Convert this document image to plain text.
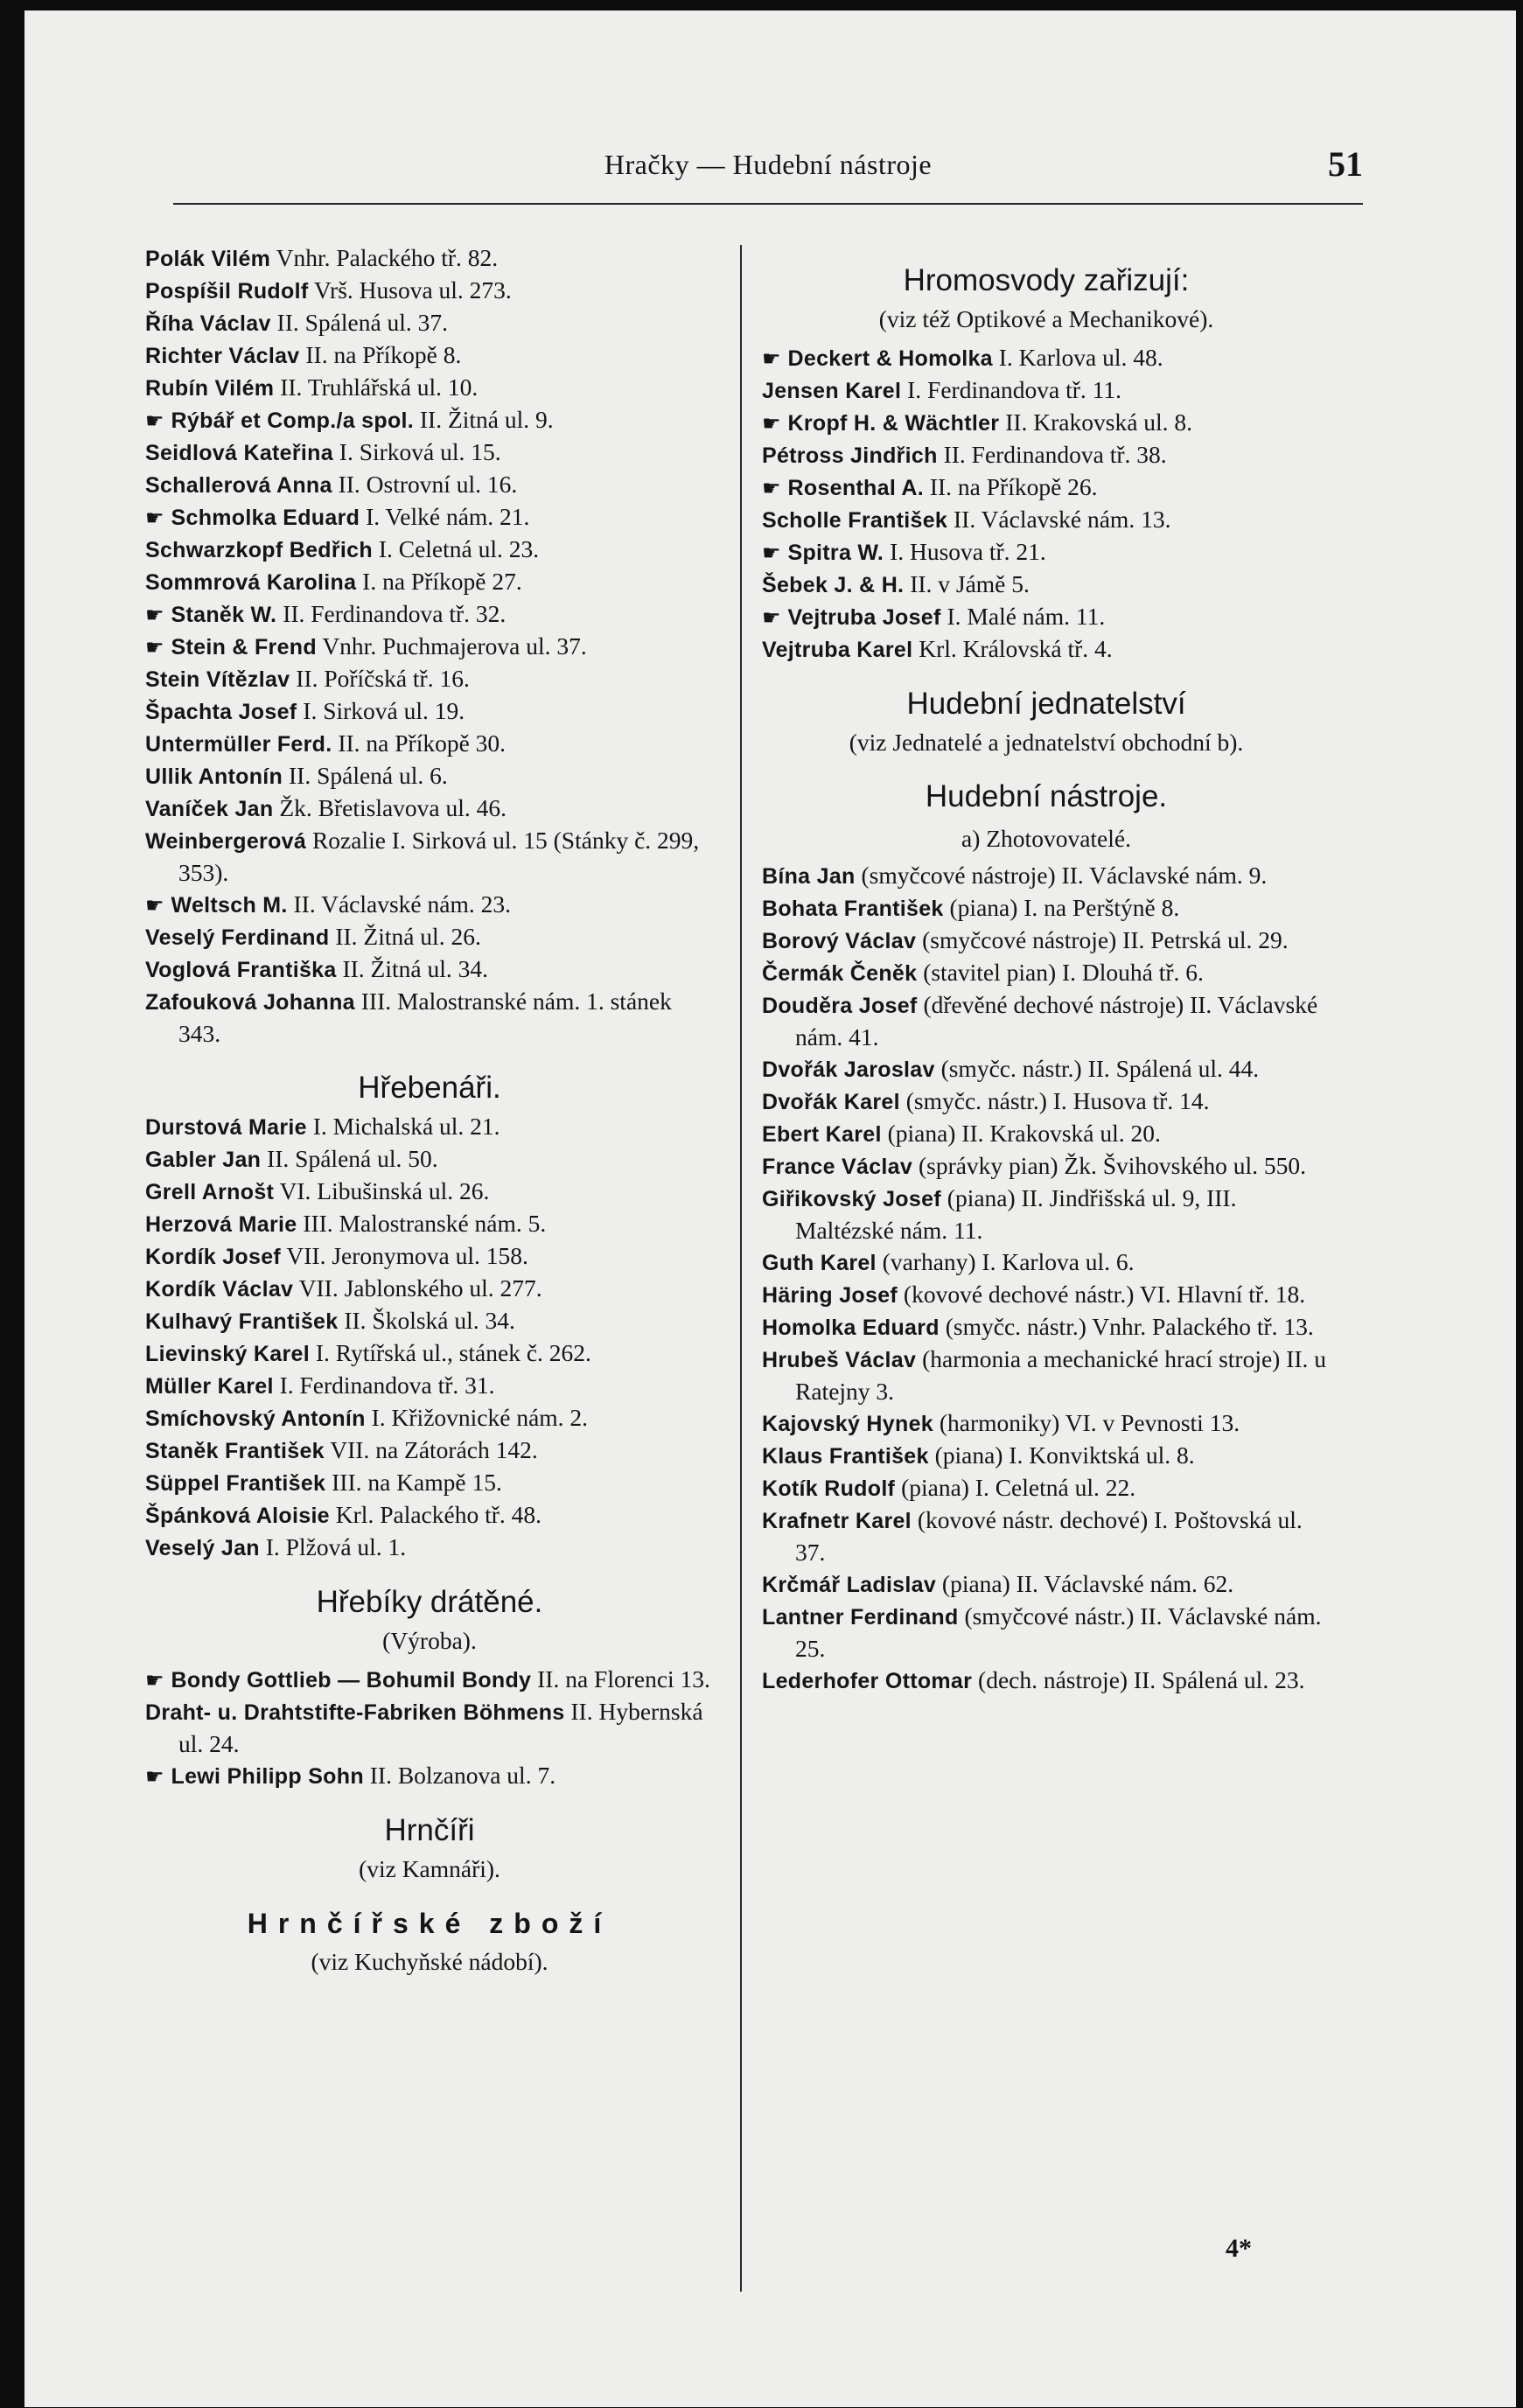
Hračky — Hudební nástroje	51

Polák Vilém Vnhr. Palackého tř. 82.

Pospíšil Rudolf Vrš. Husova ul. 273.

Říha Václav II. Spálená ul. 37.

Richter Václav II. na Příkopě 8.

Rubín Vilém II. Truhlářská ul. 10.

☛ Rýbář et Comp./a spol. II. Žitná ul. 9.

Seidlová Kateřina I. Sirková ul. 15.

Schallerová Anna II. Ostrovní ul. 16.

☛ Schmolka Eduard I. Velké nám. 21.

Schwarzkopf Bedřich I. Celetná ul. 23.

Sommrová Karolina I. na Příkopě 27.

☛ Staněk W. II. Ferdinandova tř. 32.

☛ Stein & Frend Vnhr. Puchmajerova ul. 37.

Stein Vítězlav II. Poříčská tř. 16.

Špachta Josef I. Sirková ul. 19.

Untermüller Ferd. II. na Příkopě 30.

Ullik Antonín II. Spálená ul. 6.

Vaníček Jan Žk. Břetislavova ul. 46.

Weinbergerová Rozalie I. Sirková ul. 15 (Stánky č. 299, 353).

☛ Weltsch M. II. Václavské nám. 23.

Veselý Ferdinand II. Žitná ul. 26.

Voglová Františka II. Žitná ul. 34.

Zafouková Johanna III. Malostranské nám. 1. stánek 343.

Hřebenáři.

Durstová Marie I. Michalská ul. 21.

Gabler Jan II. Spálená ul. 50.

Grell Arnošt VI. Libušinská ul. 26.

Herzová Marie III. Malostranské nám. 5.

Kordík Josef VII. Jeronymova ul. 158.

Kordík Václav VII. Jablonského ul. 277.

Kulhavý František II. Školská ul. 34.

Lievinský Karel I. Rytířská ul., stánek č. 262.

Müller Karel I. Ferdinandova tř. 31.

Smíchovský Antonín I. Křižovnické nám. 2.

Staněk František VII. na Zátorách 142.

Süppel František III. na Kampě 15.

Špánková Aloisie Krl. Palackého tř. 48.

Veselý Jan I. Plžová ul. 1.

Hřebíky drátěné.
(Výroba).

☛ Bondy Gottlieb — Bohumil Bondy II. na Florenci 13.

Draht- u. Drahtstifte-Fabriken Böhmens II. Hybernská ul. 24.

☛ Lewi Philipp Sohn II. Bolzanova ul. 7.

Hrnčíři
(viz Kamnáři).
Hrnčířské zboží
(viz Kuchyňské nádobí).
Hromosvody zařizují:
(viz též Optikové a Mechanikové).

☛ Deckert & Homolka I. Karlova ul. 48.

Jensen Karel I. Ferdinandova tř. 11.

☛ Kropf H. & Wächtler II. Krakovská ul. 8.

Pétross Jindřich II. Ferdinandova tř. 38.

☛ Rosenthal A. II. na Příkopě 26.

Scholle František II. Václavské nám. 13.

☛ Spitra W. I. Husova tř. 21.

Šebek J. & H. II. v Jámě 5.

☛ Vejtruba Josef I. Malé nám. 11.

Vejtruba Karel Krl. Královská tř. 4.

Hudební jednatelství
(viz Jednatelé a jednatelství obchodní b).
Hudební nástroje.
a) Zhotovovatelé.

Bína Jan (smyčcové nástroje) II. Václavské nám. 9.

Bohata František (piana) I. na Perštýně 8.

Borový Václav (smyčcové nástroje) II. Petrská ul. 29.

Čermák Čeněk (stavitel pian) I. Dlouhá tř. 6.

Douděra Josef (dřevěné dechové nástroje) II. Václavské nám. 41.

Dvořák Jaroslav (smyčc. nástr.) II. Spálená ul. 44.

Dvořák Karel (smyčc. nástr.) I. Husova tř. 14.

Ebert Karel (piana) II. Krakovská ul. 20.

France Václav (správky pian) Žk. Švihovského ul. 550.

Giřikovský Josef (piana) II. Jindřišská ul. 9, III. Maltézské nám. 11.

Guth Karel (varhany) I. Karlova ul. 6.

Häring Josef (kovové dechové nástr.) VI. Hlavní tř. 18.

Homolka Eduard (smyčc. nástr.) Vnhr. Palackého tř. 13.

Hrubeš Václav (harmonia a mechanické hrací stroje) II. u Ratejny 3.

Kajovský Hynek (harmoniky) VI. v Pevnosti 13.

Klaus František (piana) I. Konviktská ul. 8.

Kotík Rudolf (piana) I. Celetná ul. 22.

Krafnetr Karel (kovové nástr. dechové) I. Poštovská ul. 37.

Krčmář Ladislav (piana) II. Václavské nám. 62.

Lantner Ferdinand (smyčcové nástr.) II. Václavské nám. 25.

Lederhofer Ottomar (dech. nástroje) II. Spálená ul. 23.

4*
